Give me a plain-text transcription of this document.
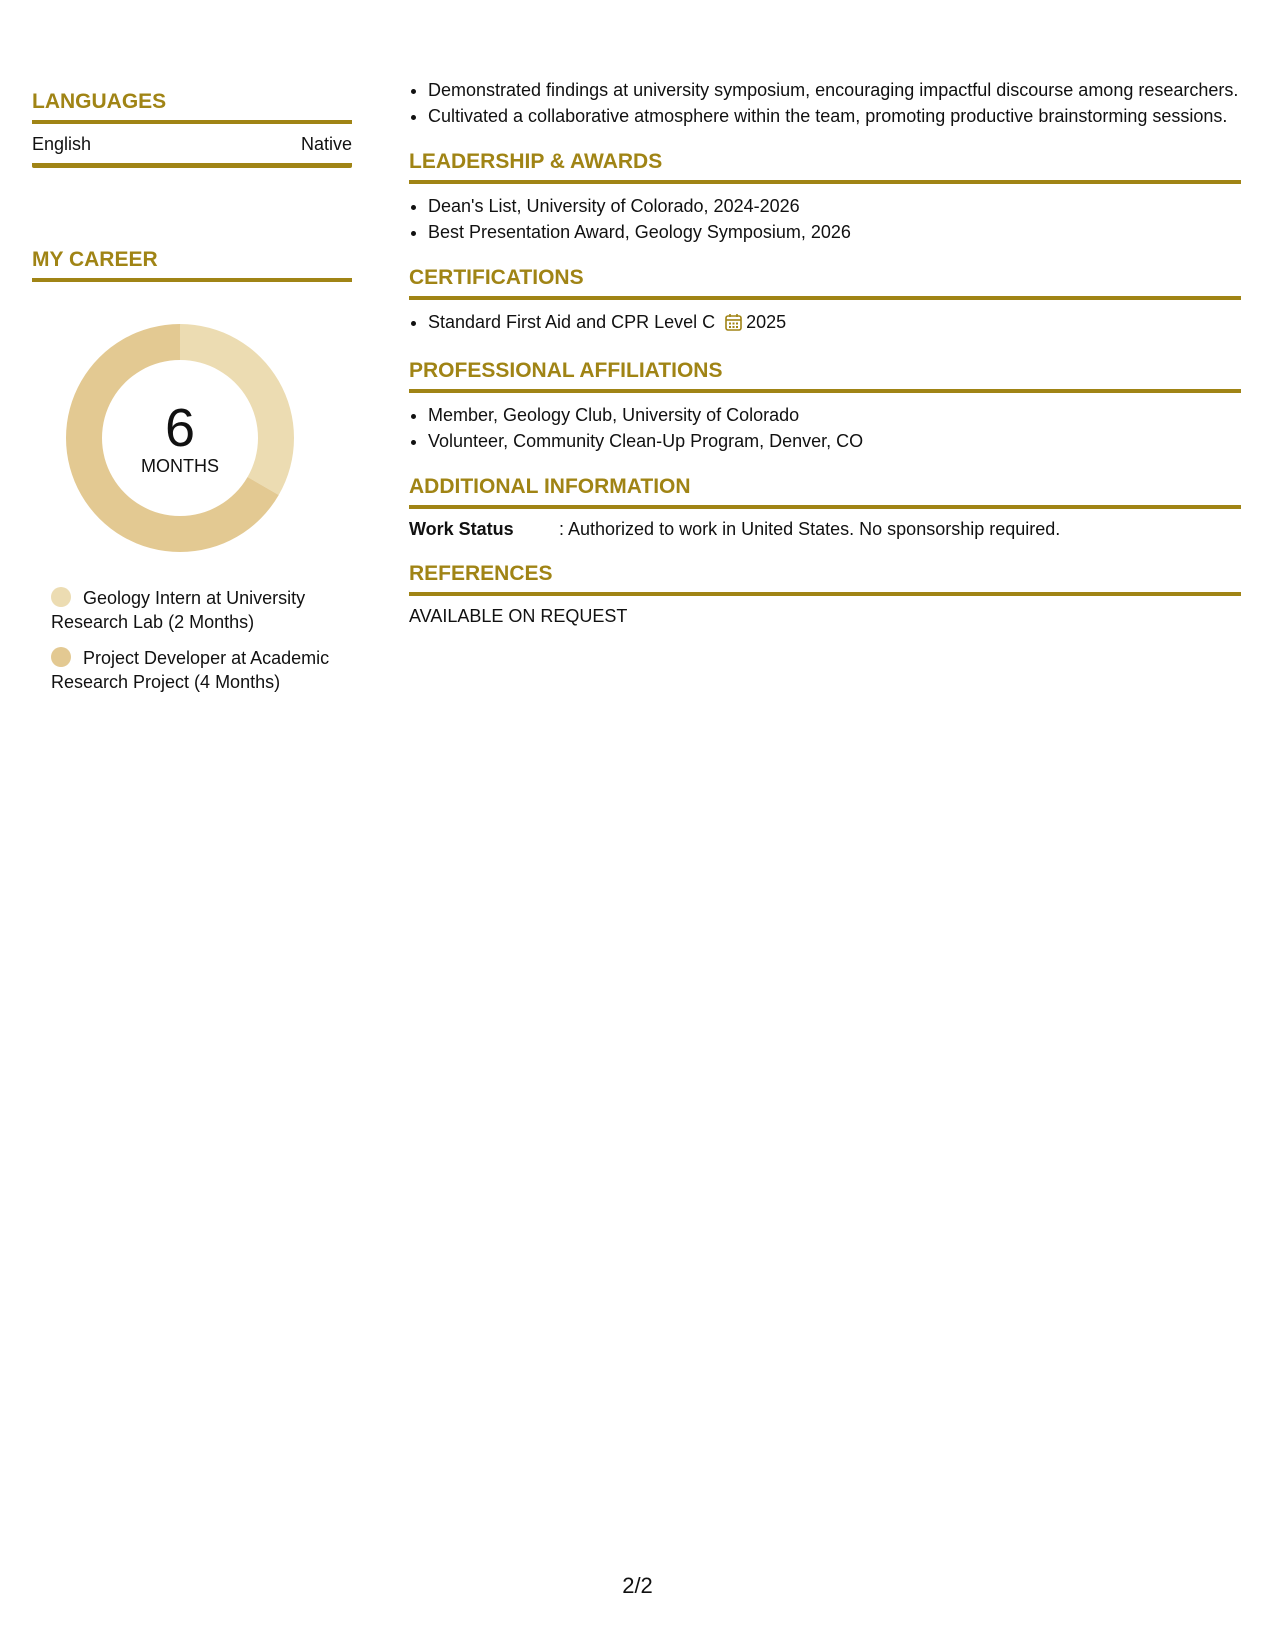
LANGUAGES
English	Native
MY CAREER
6
MONTHS
Geology Intern at University Research Lab (2 Months)
Project Developer at Academic Research Project (4 Months)
• Demonstrated findings at university symposium, encouraging impactful discourse among researchers.
• Cultivated a collaborative atmosphere within the team, promoting productive brainstorming sessions.
LEADERSHIP & AWARDS
• Dean's List, University of Colorado, 2024-2026
• Best Presentation Award, Geology Symposium, 2026
CERTIFICATIONS
• Standard First Aid and CPR Level C 2025
PROFESSIONAL AFFILIATIONS
• Member, Geology Club, University of Colorado
• Volunteer, Community Clean-Up Program, Denver, CO
ADDITIONAL INFORMATION
Work Status	: Authorized to work in United States. No sponsorship required.
REFERENCES
AVAILABLE ON REQUEST
2/2
